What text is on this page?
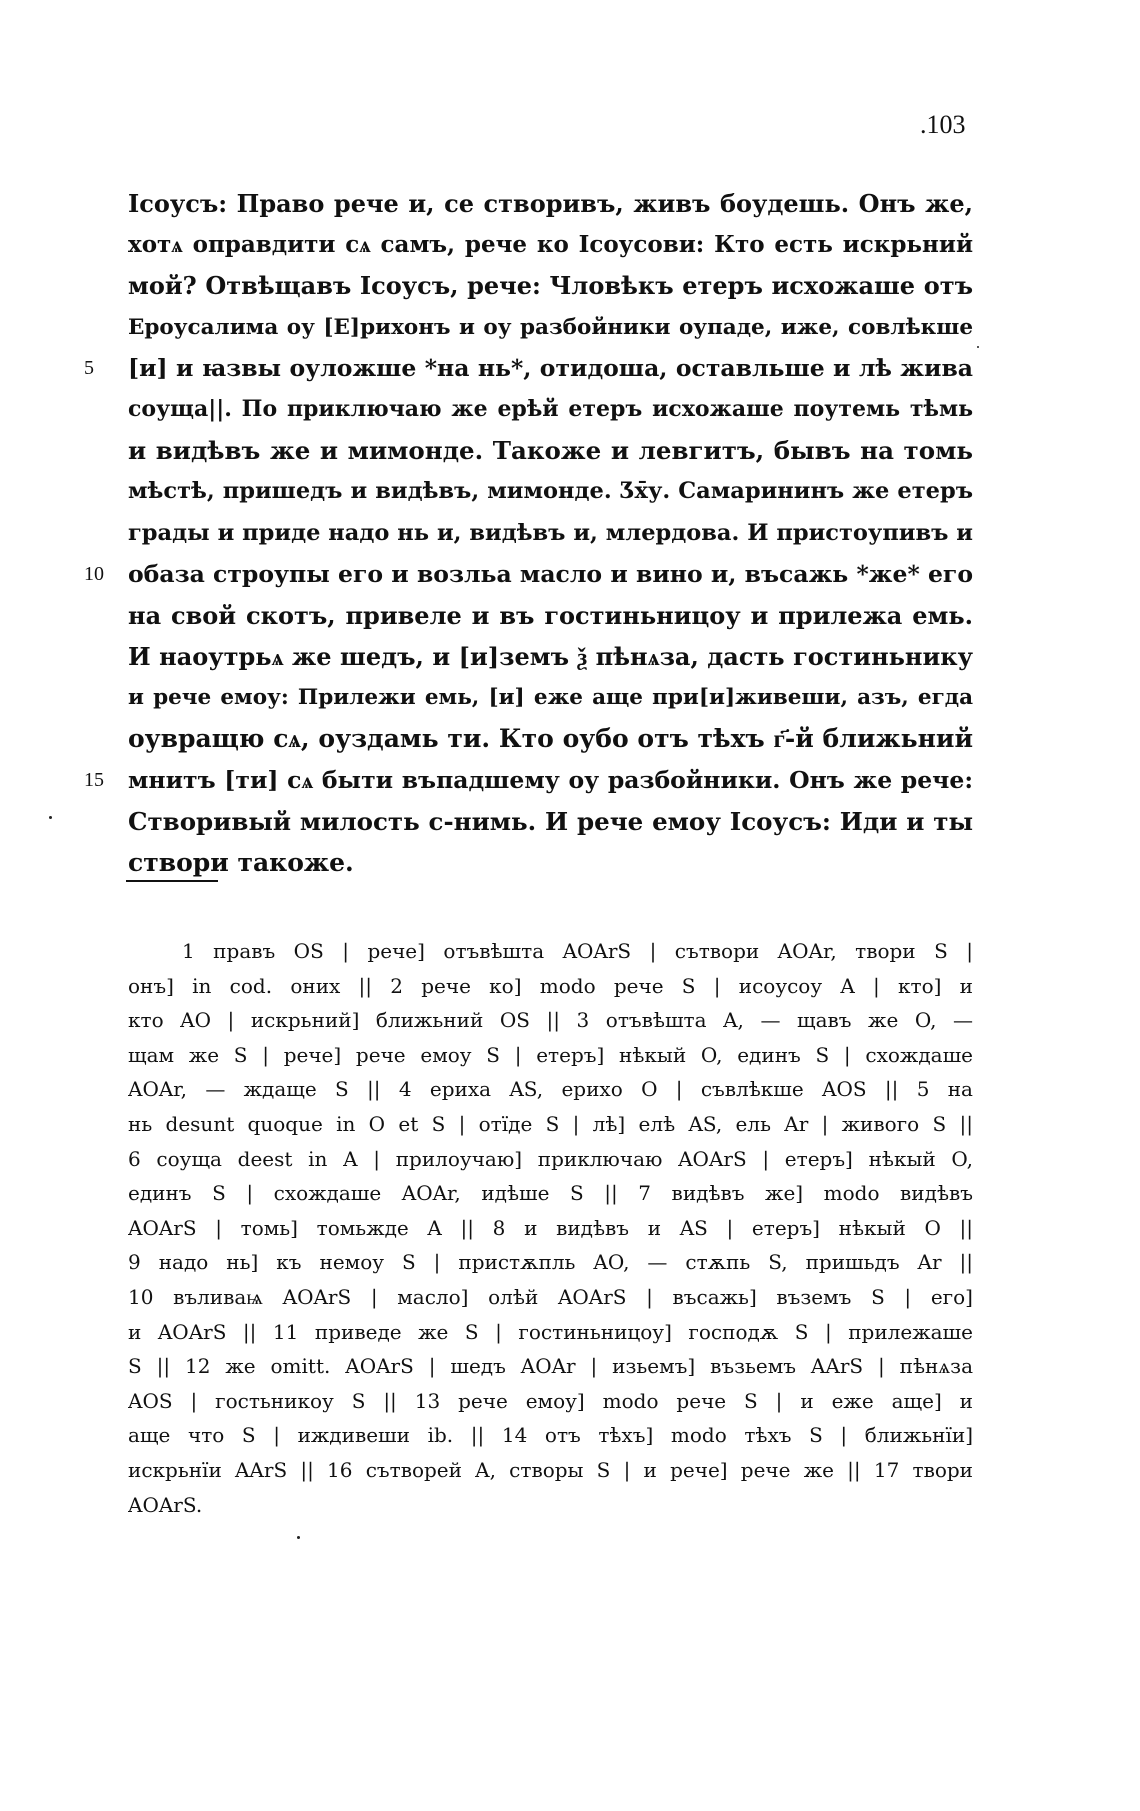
.103
Ісоусъ: Право рече и, се створивъ, живъ боудешь. Онъ же,
хотѧ оправдити сѧ самъ, рече ко Ісоусови: Кто есть искрьний
мой? Отвѣщавъ Ісоусъ, рече: Чловѣкъ етеръ исхожаше отъ
Ероусалима оу [Е]рихонъ и оу разбойники оупаде, иже, совлѣкше
5	[и] и ꙗзвы оуложше *на нь*, отидоша, оставльше и лѣ жива
соуща||. По приключаю же ерѣй етеръ исхожаше поутемь тѣмь
и видѣвъ же и мимонде. Такоже и левгитъ, бывъ на томь
мѣстѣ, пришедъ и видѣвъ, мимонде. Ӡх̄у. Самарининъ же етеръ
грады и приде надо нь и, видѣвъ и, млердова. И пристоупивъ и
10	обаза строупы его и возльа масло и вино и, въсажь *же* его
на свой скотъ, привеле и въ гостиньницоу и прилежа емь.
И наоутрьѧ же шедъ, и [и]земъ ѯ пѣнѧза, дасть гостиньнику
и рече емоу: Прилежи емь, [и] еже аще при[и]живеши, азъ, егда
оувращю сѧ, оуздамь ти. Кто оубо отъ тѣхъ г҃-й ближьний
15	мнитъ [ти] сѧ быти въпадшему оу разбойники. Онъ же рече:
Створивый милость с-нимь. И рече емоу Ісоусъ: Иди и ты
створи такоже.
1 правъ OS | рече] отъвѣшта AOArS | сътвори AOAr, твори S |
онъ] in cod. оних || 2 рече ко] modo рече S | исоусоу A | кто] и
кто AO | искрьний] ближьний OS || 3 отъвѣшта A, — щавъ же O, —
щам же S | рече] рече емоу S | етеръ] нѣкый O, единъ S | схождаше
AOAr, — ждаще S || 4 ериха AS, ерихо O | съвлѣкше AOS || 5 на
нь desunt quoque in O et S | отїде S | лѣ] елѣ AS, ель Ar | живого S ||
6 соуща deest in A | прилоучаю] приключаю AOArS | етеръ] нѣкый O,
единъ S | схождаше AOAr, идѣше S || 7 видѣвъ же] modo видѣвъ
AOArS | томь] томьжде A || 8 и видѣвъ и AS | етеръ] нѣкый O ||
9 надо нь] къ немоу S | пристѫпль AO, — стѫпь S, пришьдъ Ar ||
10 въливаѩ AOArS | масло] олѣй AOArS | въсажь] въземъ S | его]
и AOArS || 11 приведе же S | гостиньницоу] господѫ S | прилежаше
S || 12 же omitt. AOArS | шедъ AOAr | изьемъ] възьемъ AArS | пѣнѧза
AOS | гостьникоу S || 13 рече емоу] modo рече S | и еже аще] и
аще что S | иждивеши ib. || 14 отъ тѣхъ] modo тѣхъ S | ближьнїи]
искрьнїи AArS || 16 сътворей A, створы S | и рече] рече же || 17 твори
AOArS.
